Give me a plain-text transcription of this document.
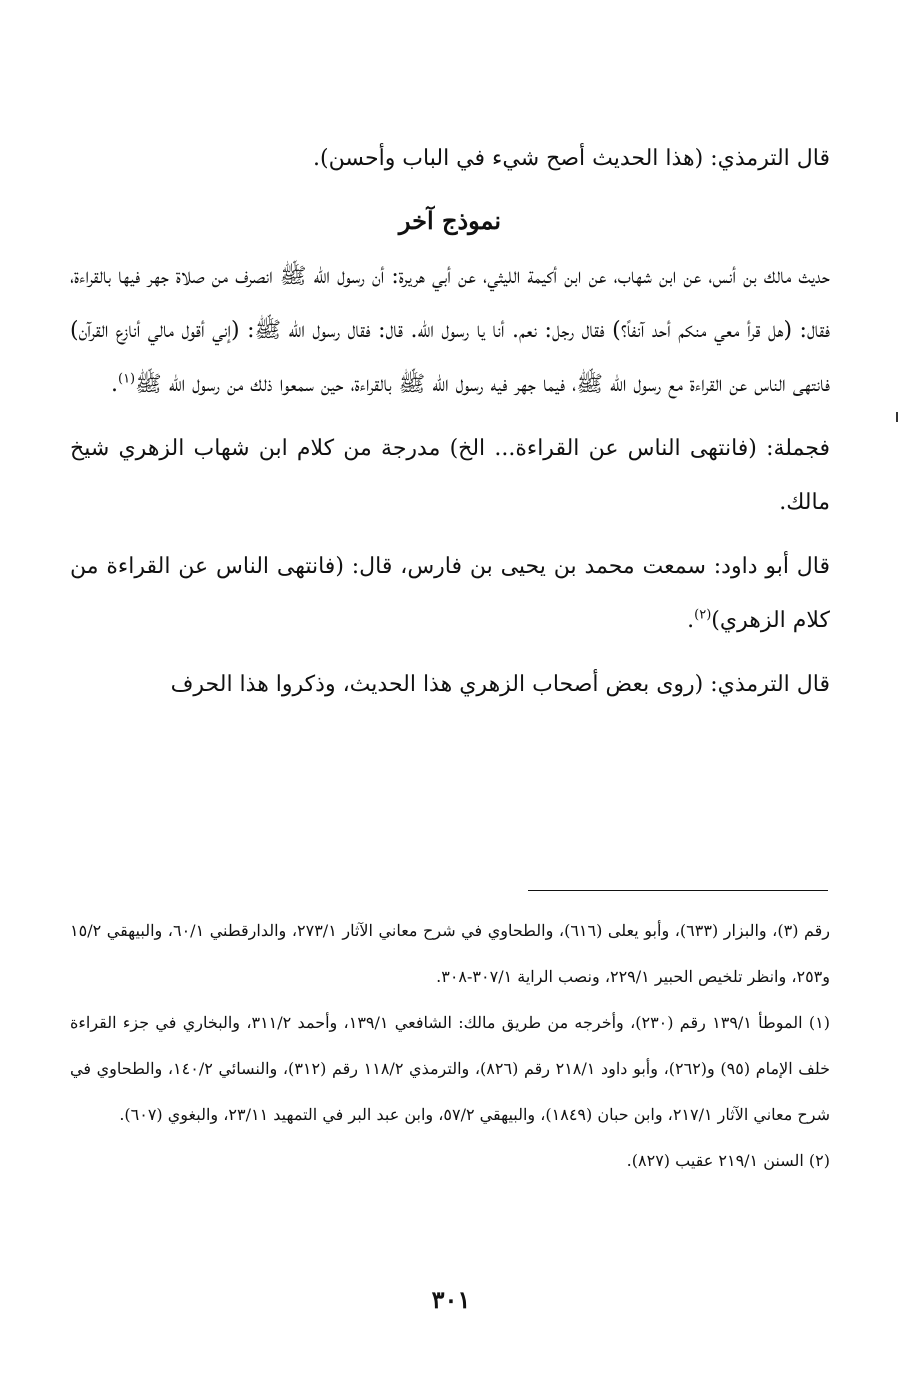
قال الترمذي: (هذا الحديث أصح شيء في الباب وأحسن).

نموذج آخر

حديث مالك بن أنس، عن ابن شهاب، عن ابن أكيمة الليثي، عن أبي هريرة: أن رسول الله ﷺ انصرف من صلاة جهر فيها بالقراءة، فقال: (هل قرأ معي منكم أحد آنفاً؟) فقال رجل: نعم. أنا يا رسول الله. قال: فقال رسول الله ﷺ: (إني أقول مالي أنازع القرآن) فانتهى الناس عن القراءة مع رسول الله ﷺ، فيما جهر فيه رسول الله ﷺ بالقراءة، حين سمعوا ذلك من رسول الله ﷺ$^{(١)}$.

فجملة: (فانتهى الناس عن القراءة... الخ) مدرجة من كلام ابن شهاب الزهري شيخ مالك.

قال أبو داود: سمعت محمد بن يحيى بن فارس، قال: (فانتهى الناس عن القراءة من كلام الزهري)$^{(٢)}$.

قال الترمذي: (روى بعض أصحاب الزهري هذا الحديث، وذكروا هذا الحرف

رقم (٣)، والبزار (٦٣٣)، وأبو يعلى (٦١٦)، والطحاوي في شرح معاني الآثار ٢٧٣/١، والدارقطني ٦٠/١، والبيهقي ١٥/٢ و٢٥٣، وانظر تلخيص الحبير ٢٢٩/١، ونصب الراية ٣٠٧/١-٣٠٨.

(١) الموطأ ١٣٩/١ رقم (٢٣٠)، وأخرجه من طريق مالك: الشافعي ١٣٩/١، وأحمد ٣١١/٢، والبخاري في جزء القراءة خلف الإمام (٩٥) و(٢٦٢)، وأبو داود ٢١٨/١ رقم (٨٢٦)، والترمذي ١١٨/٢ رقم (٣١٢)، والنسائي ١٤٠/٢، والطحاوي في شرح معاني الآثار ٢١٧/١، وابن حبان (١٨٤٩)، والبيهقي ٥٧/٢، وابن عبد البر في التمهيد ٢٣/١١، والبغوي (٦٠٧).

(٢) السنن ٢١٩/١ عقيب (٨٢٧).

٣٠١
